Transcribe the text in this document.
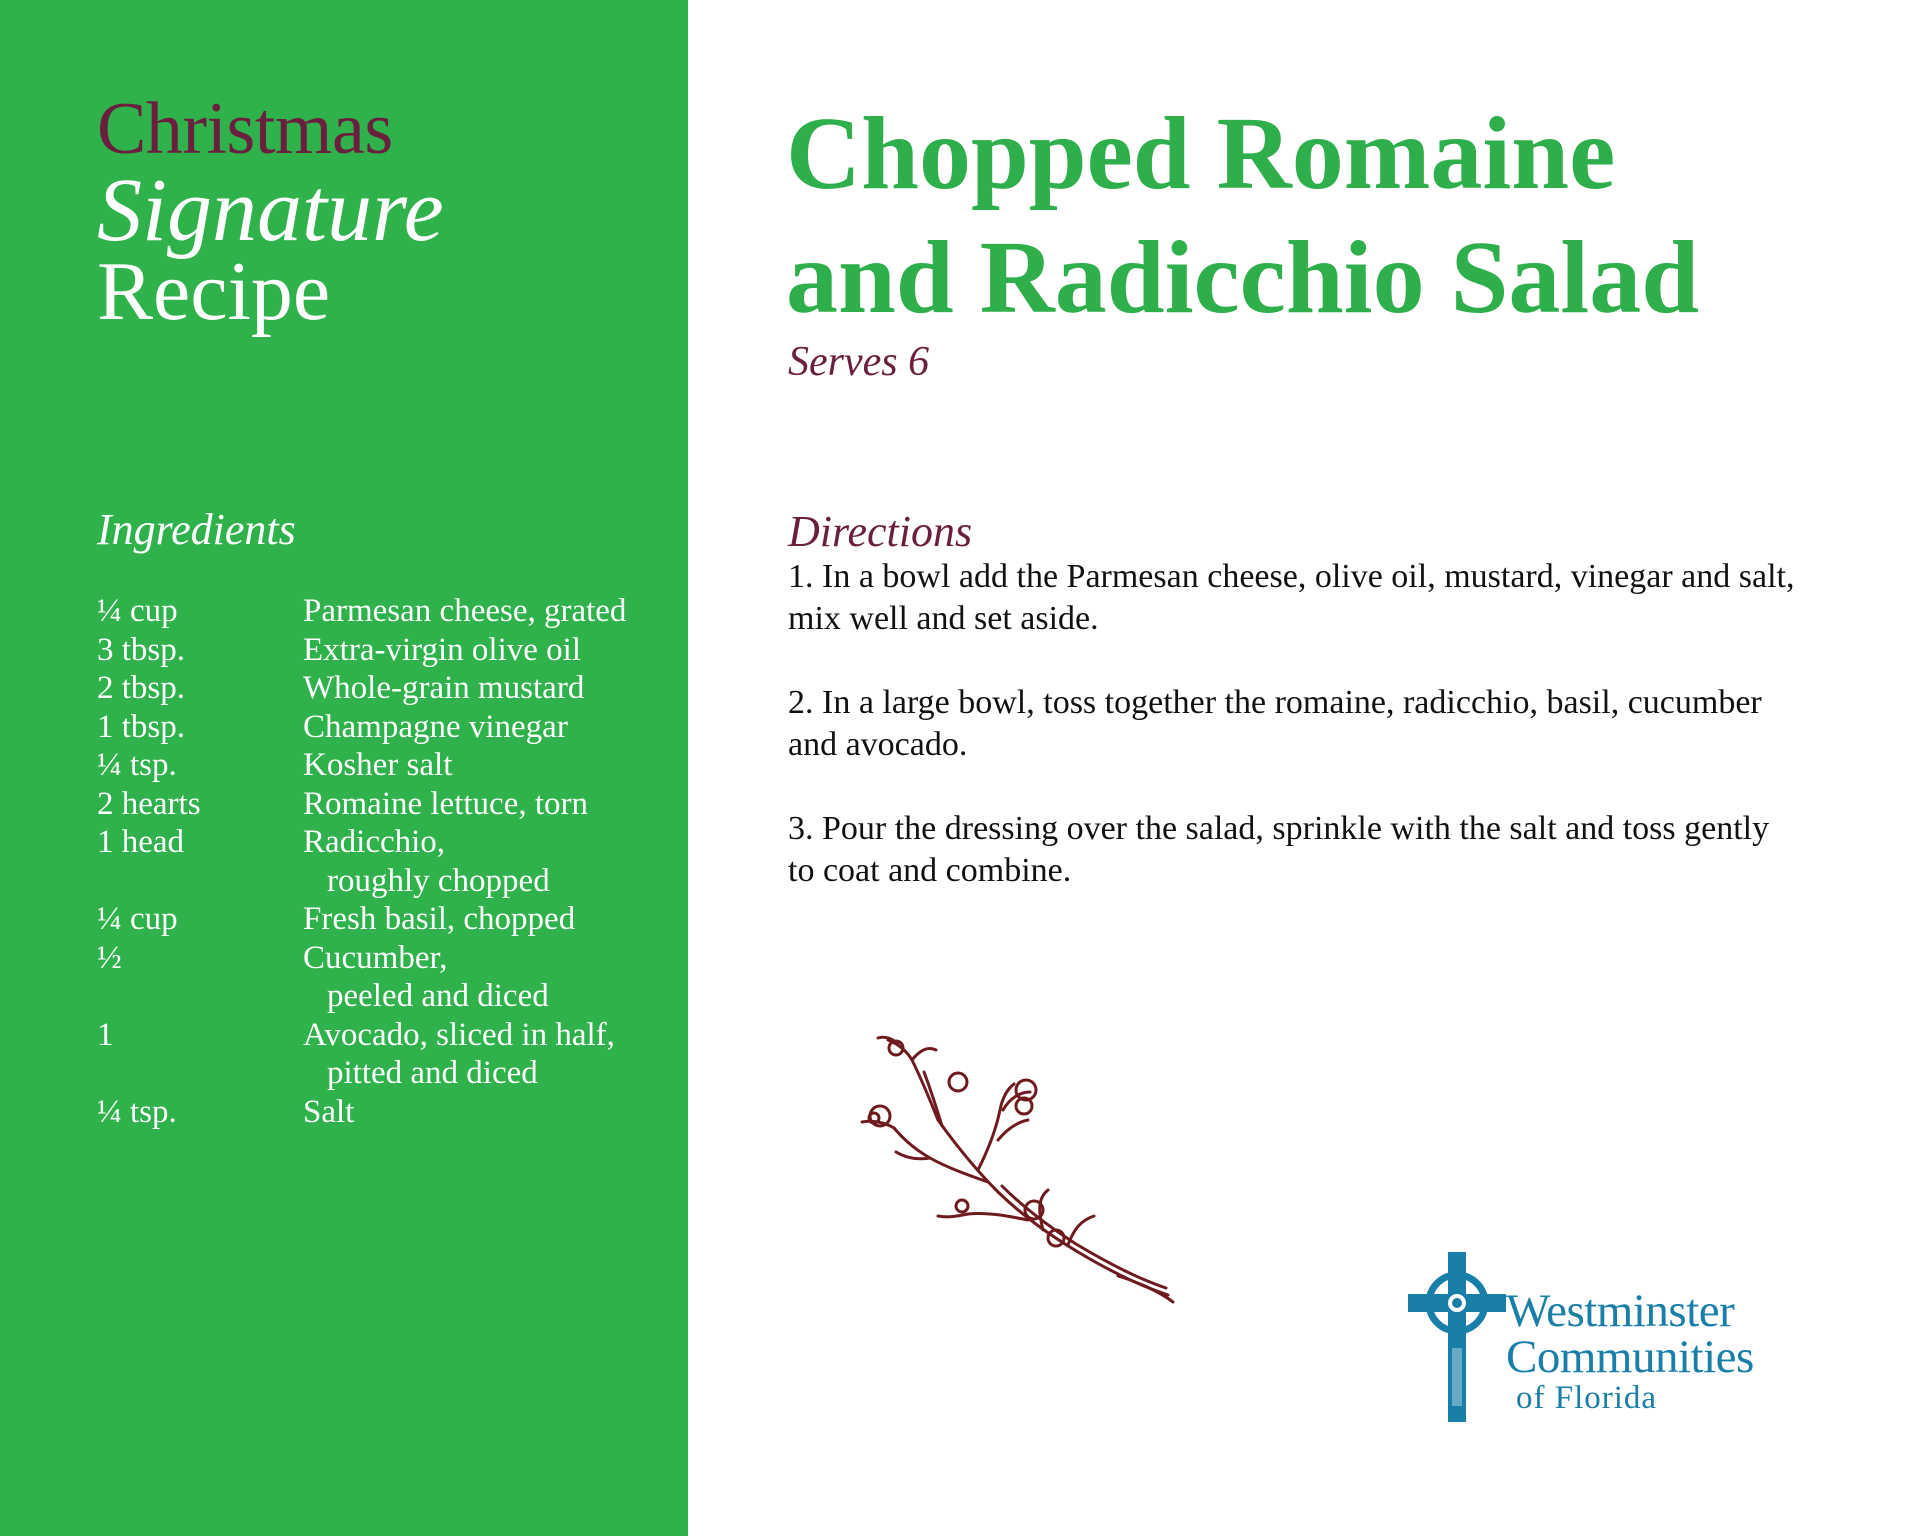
Christmas
Signature
Recipe
Ingredients
¼ cup	Parmesan cheese, grated
3 tbsp.	Extra-virgin olive oil
2 tbsp.	Whole-grain mustard
1 tbsp.	Champagne vinegar
¼ tsp.	Kosher salt
2 hearts	Romaine lettuce, torn
1 head	Radicchio,
roughly chopped
¼ cup	Fresh basil, chopped
½	Cucumber,
peeled and diced
1	Avocado, sliced in half,
pitted and diced
¼ tsp.	Salt
Chopped Romaine
and Radicchio Salad
Serves 6
Directions

1. In a bowl add the Parmesan cheese, olive oil, mustard, vinegar and salt, mix well and set aside.

2. In a large bowl, toss together the romaine, radicchio, basil, cucumber and avocado.

3. Pour the dressing over the salad, sprinkle with the salt and toss gently to coat and combine.

Westminster
Communities
of Florida
